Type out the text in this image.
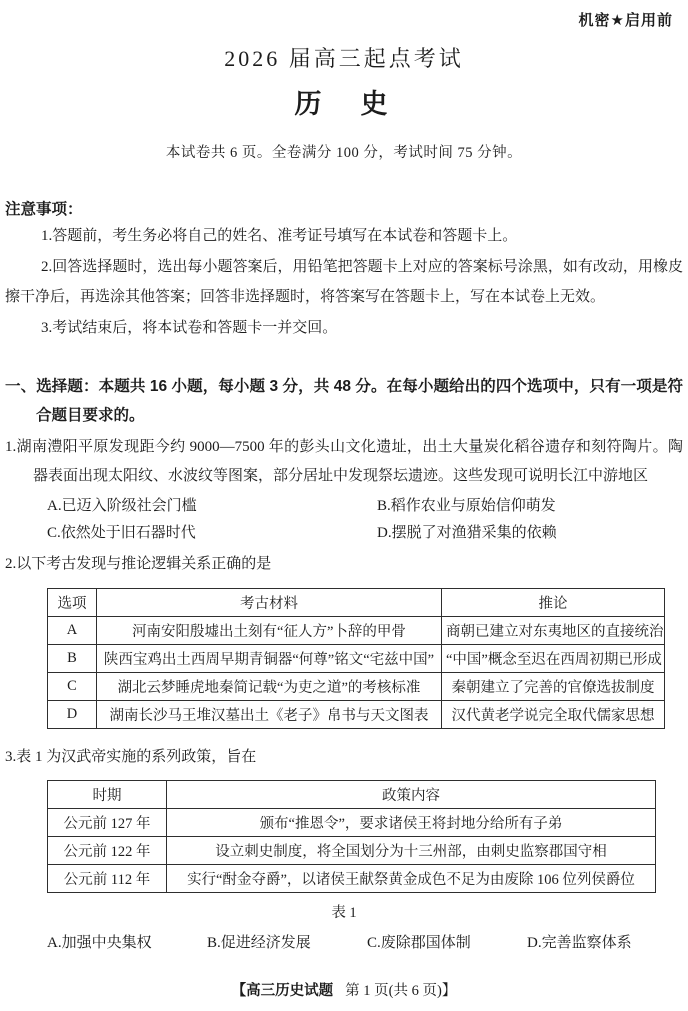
机密★启用前
2026 届高三起点考试
历　史
本试卷共 6 页。全卷满分 100 分，考试时间 75 分钟。
注意事项：

1.答题前，考生务必将自己的姓名、准考证号填写在本试卷和答题卡上。

2.回答选择题时，选出每小题答案后，用铅笔把答题卡上对应的答案标号涂黑，如有改动，用橡皮擦干净后，再选涂其他答案；回答非选择题时，将答案写在答题卡上，写在本试卷上无效。

3.考试结束后，将本试卷和答题卡一并交回。

一、选择题：本题共 16 小题，每小题 3 分，共 48 分。在每小题给出的四个选项中，只有一项是符合题目要求的。

1.湖南澧阳平原发现距今约 9000—7500 年的彭头山文化遗址，出土大量炭化稻谷遗存和刻符陶片。陶器表面出现太阳纹、水波纹等图案，部分居址中发现祭坛遗迹。这些发现可说明长江中游地区

A.已迈入阶级社会门槛	B.稻作农业与原始信仰萌发
C.依然处于旧石器时代	D.摆脱了对渔猎采集的依赖

2.以下考古发现与推论逻辑关系正确的是

选项	考古材料	推论
A	河南安阳殷墟出土刻有“征人方”卜辞的甲骨	商朝已建立对东夷地区的直接统治
B	陕西宝鸡出土西周早期青铜器“何尊”铭文“宅兹中国”	“中国”概念至迟在西周初期已形成
C	湖北云梦睡虎地秦简记载“为吏之道”的考核标准	秦朝建立了完善的官僚选拔制度
D	湖南长沙马王堆汉墓出土《老子》帛书与天文图表	汉代黄老学说完全取代儒家思想

3.表 1 为汉武帝实施的系列政策，旨在

时期	政策内容
公元前 127 年	颁布“推恩令”，要求诸侯王将封地分给所有子弟
公元前 122 年	设立刺史制度，将全国划分为十三州部，由刺史监察郡国守相
公元前 112 年	实行“酎金夺爵”，以诸侯王献祭黄金成色不足为由废除 106 位列侯爵位
表 1
A.加强中央集权	B.促进经济发展	C.废除郡国体制	D.完善监察体系
【高三历史试题 第 1 页(共 6 页)】
